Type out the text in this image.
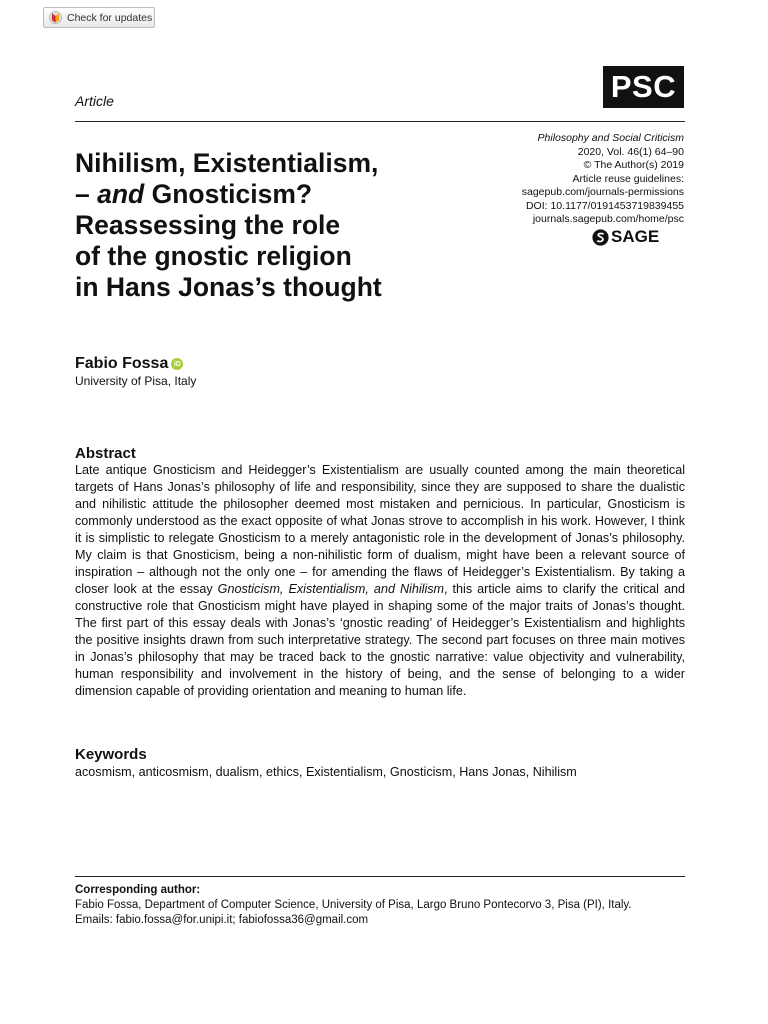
Check for updates
Article	PSC
Nihilism, Existentialism,
– and Gnosticism?
Reassessing the role
of the gnostic religion
in Hans Jonas’s thought
Philosophy and Social Criticism
2020, Vol. 46(1) 64–90
© The Author(s) 2019
Article reuse guidelines:
sagepub.com/journals-permissions
DOI: 10.1177/0191453719839455
journals.sagepub.com/home/psc
SAGE
Fabio Fossa iD
University of Pisa, Italy
Abstract

Late antique Gnosticism and Heidegger’s Existentialism are usually counted among the main theoretical targets of Hans Jonas’s philosophy of life and responsibility, since they are supposed to share the dualistic and nihilistic attitude the philosopher deemed most mistaken and pernicious. In particular, Gnosticism is commonly understood as the exact opposite of what Jonas strove to accomplish in his work. However, I think it is simplistic to relegate Gnosticism to a merely antagonistic role in the development of Jonas’s philosophy. My claim is that Gnosticism, being a non-nihilistic form of dualism, might have been a relevant source of inspiration – although not the only one – for amending the flaws of Heidegger’s Existentialism. By taking a closer look at the essay Gnosticism, Existentialism, and Nihilism, this article aims to clarify the critical and constructive role that Gnosticism might have played in shaping some of the major traits of Jonas’s thought. The first part of this essay deals with Jonas’s ‘gnostic reading’ of Heidegger’s Existentialism and highlights the positive insights drawn from such interpretative strategy. The second part focuses on three main motives in Jonas’s philosophy that may be traced back to the gnostic narrative: value objectivity and vulnerability, human responsibility and involvement in the history of being, and the sense of belonging to a wider dimension capable of providing orientation and meaning to human life.

Keywords
acosmism, anticosmism, dualism, ethics, Existentialism, Gnosticism, Hans Jonas, Nihilism
Corresponding author:
Fabio Fossa, Department of Computer Science, University of Pisa, Largo Bruno Pontecorvo 3, Pisa (PI), Italy.
Emails: fabio.fossa@for.unipi.it; fabiofossa36@gmail.com
